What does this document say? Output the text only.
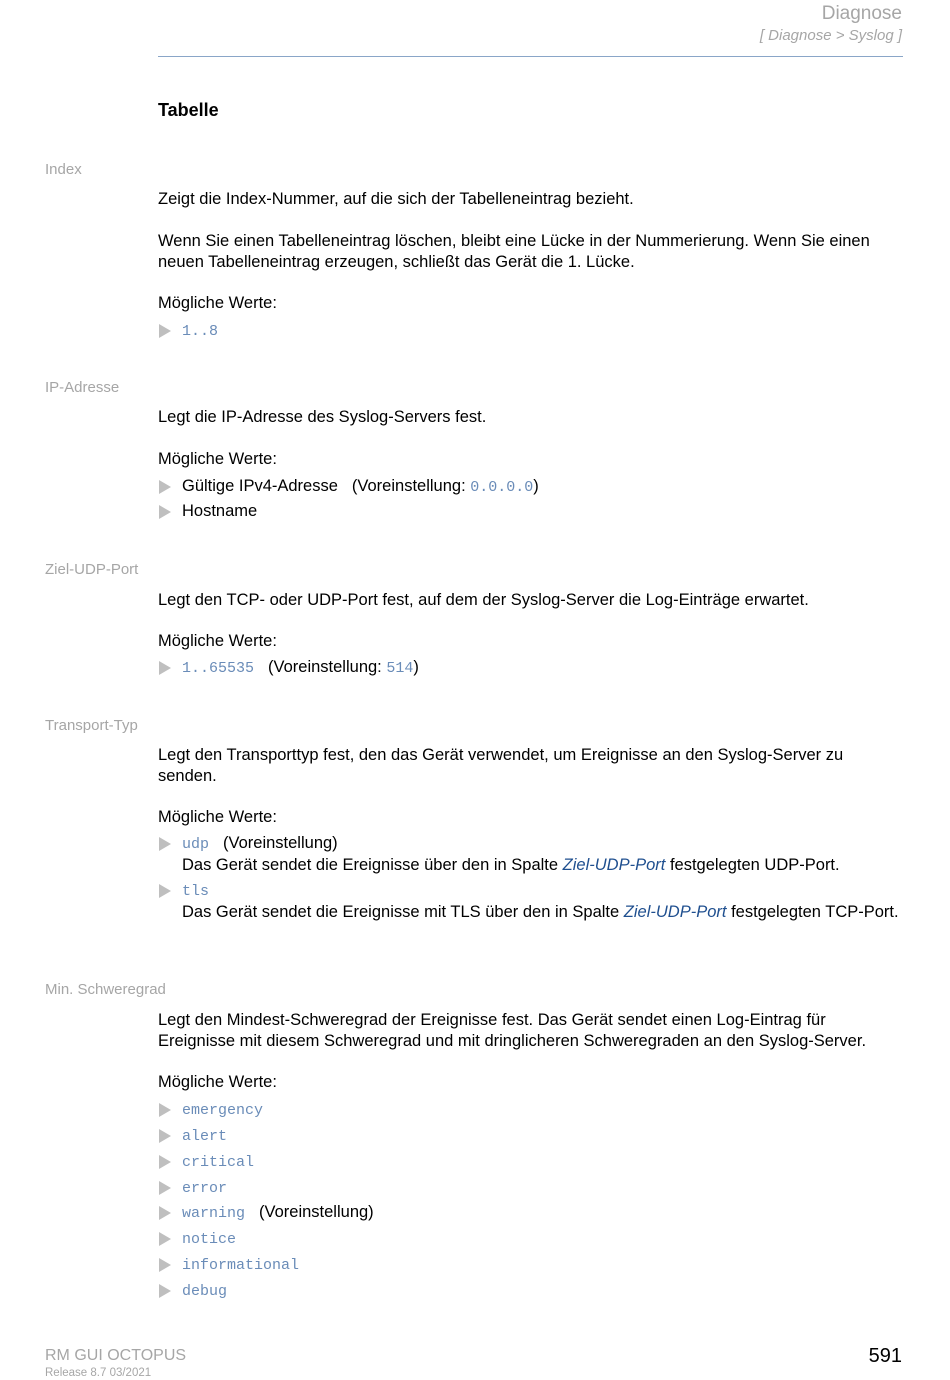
Diagnose
[ Diagnose > Syslog ]
Tabelle
Index
Zeigt die Index-Nummer, auf die sich der Tabelleneintrag bezieht.
Wenn Sie einen Tabelleneintrag löschen, bleibt eine Lücke in der Nummerierung. Wenn Sie einen neuen Tabelleneintrag erzeugen, schließt das Gerät die 1. Lücke.
Mögliche Werte:
1..8
IP-Adresse
Legt die IP-Adresse des Syslog-Servers fest.
Mögliche Werte:
Gültige IPv4-Adresse (Voreinstellung: 0.0.0.0)
Hostname
Ziel-UDP-Port
Legt den TCP- oder UDP-Port fest, auf dem der Syslog-Server die Log-Einträge erwartet.
Mögliche Werte:
1..65535 (Voreinstellung: 514)
Transport-Typ
Legt den Transporttyp fest, den das Gerät verwendet, um Ereignisse an den Syslog-Server zu senden.
Mögliche Werte:
udp (Voreinstellung)
Das Gerät sendet die Ereignisse über den in Spalte Ziel-UDP-Port festgelegten UDP-Port.
tls
Das Gerät sendet die Ereignisse mit TLS über den in Spalte Ziel-UDP-Port festgelegten TCP-Port.
Min. Schweregrad
Legt den Mindest-Schweregrad der Ereignisse fest. Das Gerät sendet einen Log-Eintrag für Ereignisse mit diesem Schweregrad und mit dringlicheren Schweregraden an den Syslog-Server.
Mögliche Werte:
emergency
alert
critical
error
warning (Voreinstellung)
notice
informational
debug
RM GUI OCTOPUS
Release 8.7 03/2021
591
